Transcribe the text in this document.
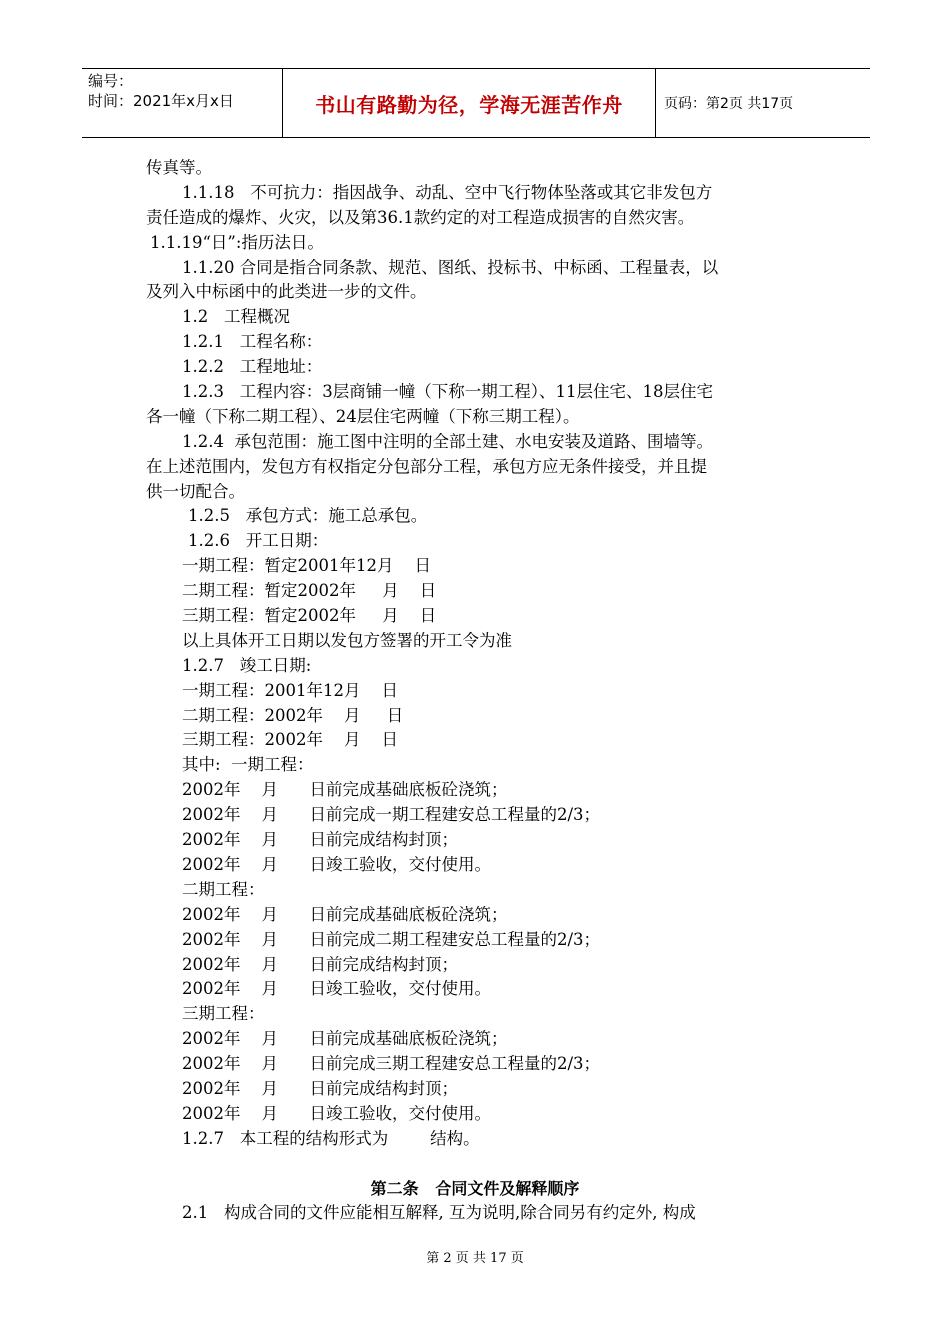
编号：
时间：2021年x月x日	书山有路勤为径，学海无涯苦作舟	页码：第2页 共17页
传真等。
1.1.18   不可抗力：指因战争、动乱、空中飞行物体坠落或其它非发包方
责任造成的爆炸、火灾，以及第36.1款约定的对工程造成损害的自然灾害。
1.1.19“日”:指历法日。
1.1.20 合同是指合同条款、规范、图纸、投标书、中标函、工程量表，以
及列入中标函中的此类进一步的文件。
1.2   工程概况
1.2.1   工程名称：
1.2.2   工程地址：
1.2.3   工程内容：3层商铺一幢（下称一期工程）、11层住宅、18层住宅
各一幢（下称二期工程）、24层住宅两幢（下称三期工程）。
1.2.4  承包范围：施工图中注明的全部土建、水电安装及道路、围墙等。
在上述范围内，发包方有权指定分包部分工程，承包方应无条件接受，并且提
供一切配合。
1.2.5   承包方式：施工总承包。
1.2.6   开工日期：
一期工程：暂定2001年12月    日
二期工程：暂定2002年     月    日
三期工程：暂定2002年     月    日
以上具体开工日期以发包方签署的开工令为准
1.2.7   竣工日期:
一期工程：2001年12月    日
二期工程：2002年    月     日
三期工程：2002年    月    日
其中:  一期工程：
2002年    月      日前完成基础底板砼浇筑；
2002年    月      日前完成一期工程建安总工程量的2/3；
2002年    月      日前完成结构封顶；
2002年    月      日竣工验收，交付使用。
二期工程：
2002年    月      日前完成基础底板砼浇筑；
2002年    月      日前完成二期工程建安总工程量的2/3；
2002年    月      日前完成结构封顶；
2002年    月      日竣工验收，交付使用。
三期工程：
2002年    月      日前完成基础底板砼浇筑；
2002年    月      日前完成三期工程建安总工程量的2/3；
2002年    月      日前完成结构封顶；
2002年    月      日竣工验收，交付使用。
1.2.7   本工程的结构形式为        结构。
第二条   合同文件及解释顺序
2.1   构成合同的文件应能相互解释, 互为说明,除合同另有约定外, 构成
第 2 页 共 17 页
